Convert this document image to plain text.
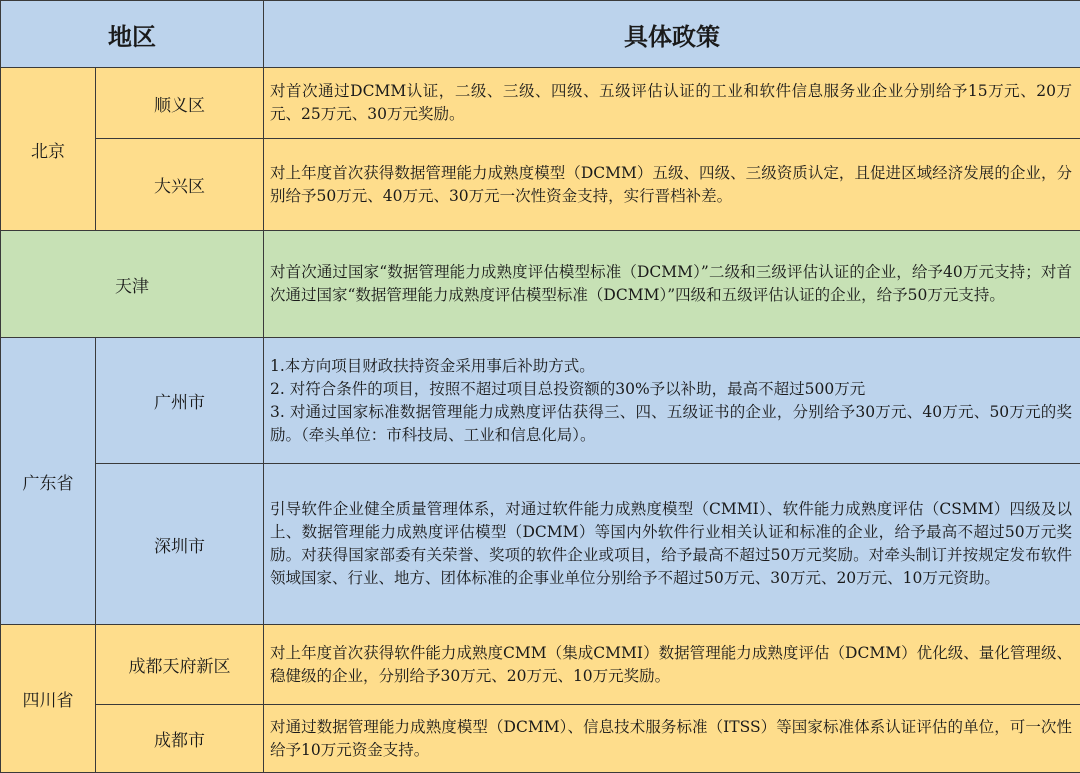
地区		具体政策
北京	顺义区	对首次通过DCMM认证，二级、三级、四级、五级评估认证的工业和软件信息服务业企业分别给予15万元、20万元、25万元、30万元奖励。
	大兴区	对上年度首次获得数据管理能力成熟度模型（DCMM）五级、四级、三级资质认定，且促进区域经济发展的企业，分别给予50万元、40万元、30万元一次性资金支持，实行晋档补差。
天津		对首次通过国家“数据管理能力成熟度评估模型标准（DCMM）”二级和三级评估认证的企业，给予40万元支持；对首次通过国家“数据管理能力成熟度评估模型标准（DCMM）”四级和五级评估认证的企业，给予50万元支持。
广东省	广州市	1.本方向项目财政扶持资金采用事后补助方式。
2. 对符合条件的项目，按照不超过项目总投资额的30%予以补助，最高不超过500万元
3. 对通过国家标准数据管理能力成熟度评估获得三、四、五级证书的企业，分别给予30万元、40万元、50万元的奖励。（牵头单位：市科技局、工业和信息化局）。

	深圳市	引导软件企业健全质量管理体系，对通过软件能力成熟度模型（CMMI）、软件能力成熟度评估（CSMM）四级及以上、数据管理能力成熟度评估模型（DCMM）等国内外软件行业相关认证和标准的企业，给予最高不超过50万元奖励。对获得国家部委有关荣誉、奖项的软件企业或项目，给予最高不超过50万元奖励。对牵头制订并按规定发布软件领域国家、行业、地方、团体标准的企事业单位分别给予不超过50万元、30万元、20万元、10万元资助。
四川省	成都天府新区	对上年度首次获得软件能力成熟度CMM（集成CMMI）数据管理能力成熟度评估（DCMM）优化级、量化管理级、稳健级的企业，分别给予30万元、20万元、10万元奖励。
	成都市	对通过数据管理能力成熟度模型（DCMM）、信息技术服务标准（ITSS）等国家标准体系认证评估的单位，可一次性给予10万元资金支持。
